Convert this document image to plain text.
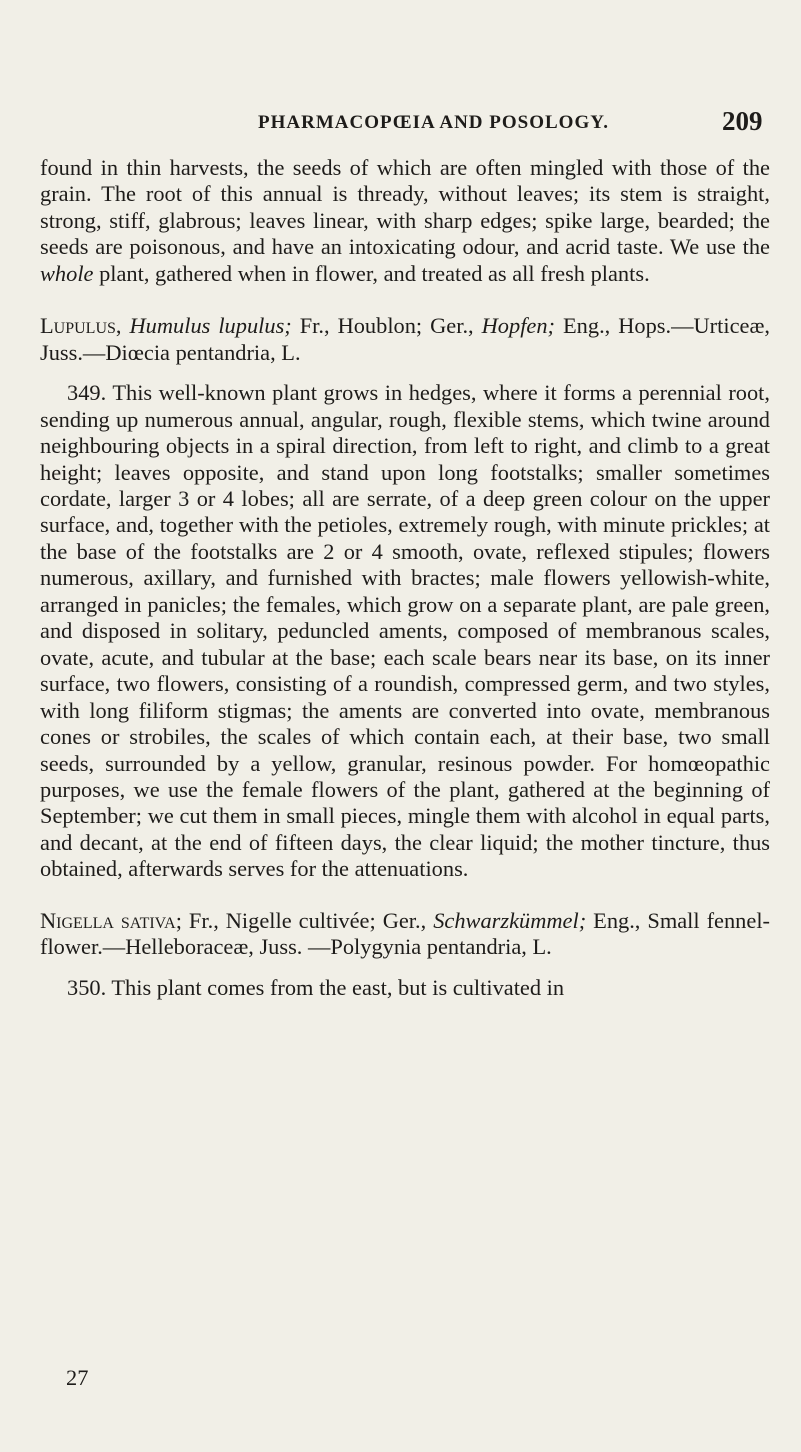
PHARMACOPŒIA AND POSOLOGY.	209

found in thin harvests, the seeds of which are often mingled with those of the grain. The root of this annual is thready, without leaves; its stem is straight, strong, stiff, glabrous; leaves linear, with sharp edges; spike large, bearded; the seeds are poisonous, and have an intoxicating odour, and acrid taste. We use the whole plant, gathered when in flower, and treated as all fresh plants.

Lupulus, Humulus lupulus; Fr., Houblon; Ger., Hopfen; Eng., Hops.—Urticeæ, Juss.—Diœcia pentandria, L.

349. This well-known plant grows in hedges, where it forms a perennial root, sending up numerous annual, angular, rough, flexible stems, which twine around neighbouring objects in a spiral direction, from left to right, and climb to a great height; leaves opposite, and stand upon long footstalks; smaller sometimes cordate, larger 3 or 4 lobes; all are serrate, of a deep green colour on the upper surface, and, together with the petioles, extremely rough, with minute prickles; at the base of the footstalks are 2 or 4 smooth, ovate, reflexed stipules; flowers numerous, axillary, and furnished with bractes; male flowers yellowish-white, arranged in panicles; the females, which grow on a separate plant, are pale green, and disposed in solitary, peduncled aments, composed of membranous scales, ovate, acute, and tubular at the base; each scale bears near its base, on its inner surface, two flowers, consisting of a roundish, compressed germ, and two styles, with long filiform stigmas; the aments are converted into ovate, membranous cones or strobiles, the scales of which contain each, at their base, two small seeds, surrounded by a yellow, granular, resinous powder. For homœopathic purposes, we use the female flowers of the plant, gathered at the beginning of September; we cut them in small pieces, mingle them with alcohol in equal parts, and decant, at the end of fifteen days, the clear liquid; the mother tincture, thus obtained, afterwards serves for the attenuations.

Nigella sativa; Fr., Nigelle cultivée; Ger., Schwarzkümmel; Eng., Small fennel-flower.—Helleboraceæ, Juss. —Polygynia pentandria, L.

350. This plant comes from the east, but is cultivated in

27
